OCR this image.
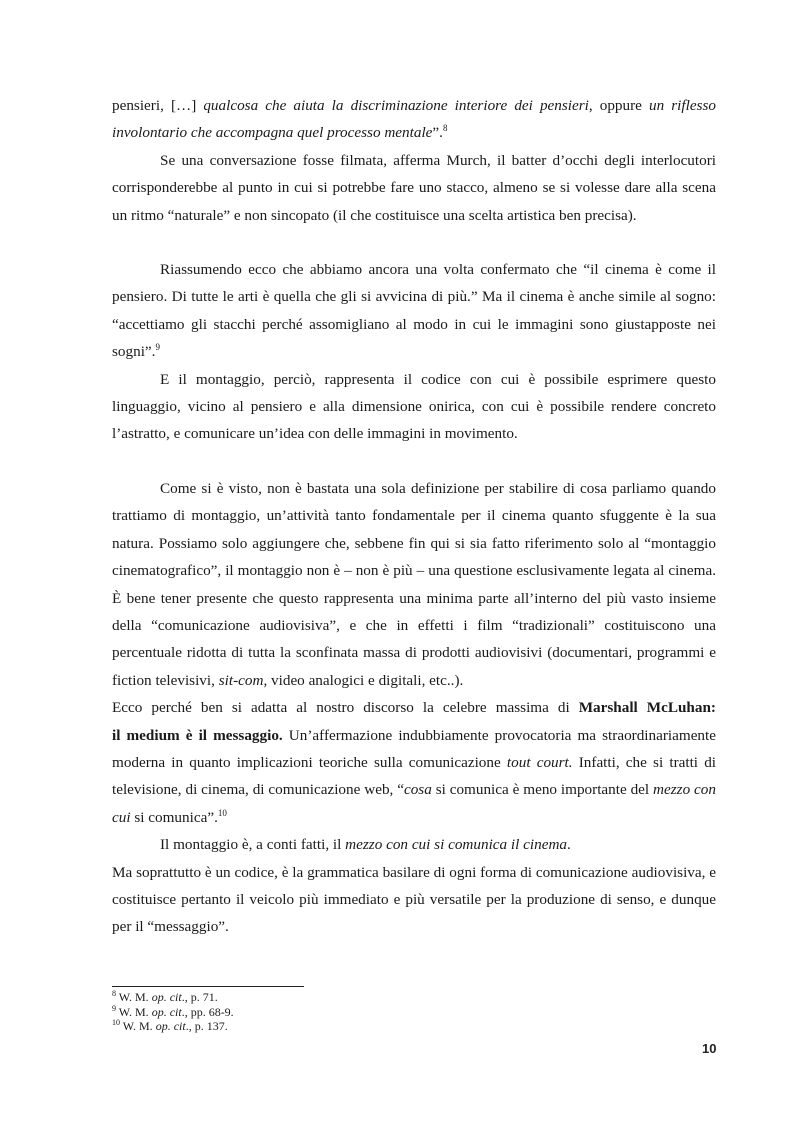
pensieri, […] qualcosa che aiuta la discriminazione interiore dei pensieri, oppure un riflesso involontario che accompagna quel processo mentale”.$^8$

Se una conversazione fosse filmata, afferma Murch, il batter d’occhi degli interlocutori corrisponderebbe al punto in cui si potrebbe fare uno stacco, almeno se si volesse dare alla scena un ritmo “naturale” e non sincopato (il che costituisce una scelta artistica ben precisa).

Riassumendo ecco che abbiamo ancora una volta confermato che “il cinema è come il pensiero. Di tutte le arti è quella che gli si avvicina di più.” Ma il cinema è anche simile al sogno: “accettiamo gli stacchi perché assomigliano al modo in cui le immagini sono giustapposte nei sogni”.$^9$

E il montaggio, perciò, rappresenta il codice con cui è possibile esprimere questo linguaggio, vicino al pensiero e alla dimensione onirica, con cui è possibile rendere concreto l’astratto, e comunicare un’idea con delle immagini in movimento.

Come si è visto, non è bastata una sola definizione per stabilire di cosa parliamo quando trattiamo di montaggio, un’attività tanto fondamentale per il cinema quanto sfuggente è la sua natura. Possiamo solo aggiungere che, sebbene fin qui si sia fatto riferimento solo al “montaggio cinematografico”, il montaggio non è – non è più – una questione esclusivamente legata al cinema. È bene tener presente che questo rappresenta una minima parte all’interno del più vasto insieme della “comunicazione audiovisiva”, e che in effetti i film “tradizionali” costituiscono una percentuale ridotta di tutta la sconfinata massa di prodotti audiovisivi (documentari, programmi e fiction televisivi, sit-com, video analogici e digitali, etc..).

Ecco perché ben si adatta al nostro discorso la celebre massima di Marshall McLuhan:

il medium è il messaggio. Un’affermazione indubbiamente provocatoria ma straordinariamente moderna in quanto implicazioni teoriche sulla comunicazione tout court. Infatti, che si tratti di televisione, di cinema, di comunicazione web, “cosa si comunica è meno importante del mezzo con cui si comunica”.$^{10}$

Il montaggio è, a conti fatti, il mezzo con cui si comunica il cinema.

Ma soprattutto è un codice, è la grammatica basilare di ogni forma di comunicazione audiovisiva, e costituisce pertanto il veicolo più immediato e più versatile per la produzione di senso, e dunque per il “messaggio”.

$^8$ W. M. op. cit., p. 71.
$^9$ W. M. op. cit., pp. 68-9.
$^{10}$ W. M. op. cit., p. 137.
10
